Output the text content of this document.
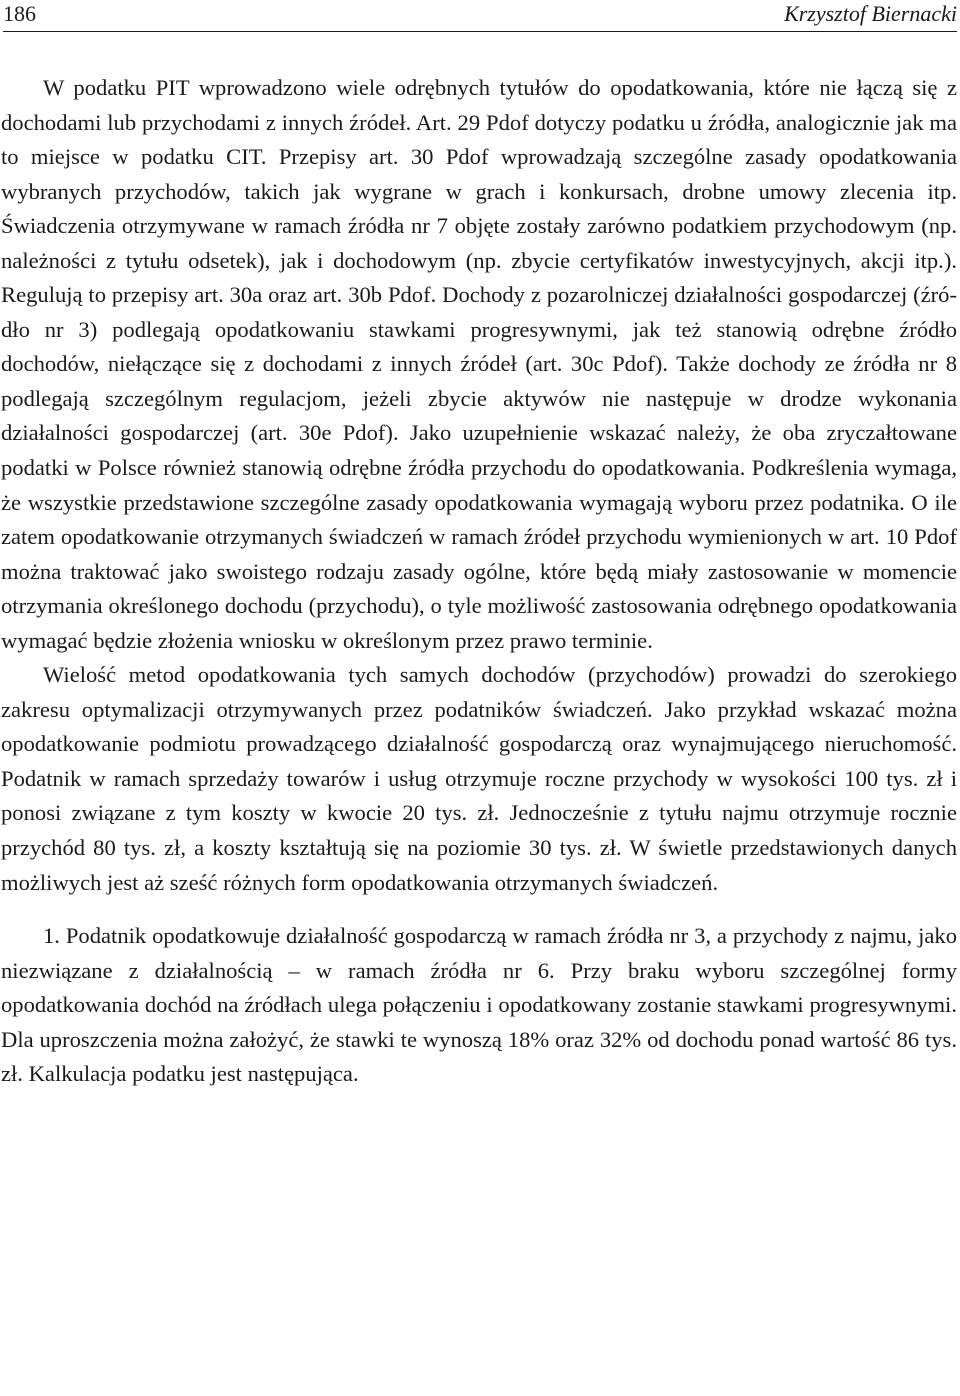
186	Krzysztof Biernacki

W podatku PIT wprowadzono wiele odrębnych tytułów do opodatkowania, które nie łączą się z dochodami lub przychodami z innych źródeł. Art. 29 Pdof dotyczy podatku u źródła, analogicznie jak ma to miejsce w podatku CIT. Przepisy art. 30 Pdof wprowadzają szczególne zasady opodatkowania wybranych przychodów, takich jak wygrane w grach i konkursach, drobne umowy zlecenia itp. Świadczenia otrzymywane w ramach źródła nr 7 objęte zostały zarówno podatkiem przychodowym (np. należności z tytułu odsetek), jak i dochodowym (np. zbycie certyfikatów inwestycyjnych, akcji itp.). Regulują to przepisy art. 30a oraz art. 30b Pdof. Dochody z pozarolniczej działalności gospodarczej (źródło nr 3) podlegają opodatkowaniu stawkami progresywnymi, jak też stanowią odrębne źródło dochodów, niełączące się z dochodami z innych źródeł (art. 30c Pdof). Także dochody ze źródła nr 8 podlegają szczególnym regulacjom, jeżeli zbycie aktywów nie następuje w drodze wykonania działalności gospodarczej (art. 30e Pdof). Jako uzupełnienie wskazać należy, że oba zryczałtowane podatki w Polsce również stanowią odrębne źródła przychodu do opodatkowania. Podkreślenia wymaga, że wszystkie przedstawione szczególne zasady opodatkowania wymagają wyboru przez podatnika. O ile zatem opodatkowanie otrzymanych świadczeń w ramach źródeł przychodu wymienionych w art. 10 Pdof można traktować jako swoistego rodzaju zasady ogólne, które będą miały zastosowanie w momencie otrzymania określonego dochodu (przychodu), o tyle możliwość zastosowania odrębnego opodatkowania wymagać będzie złożenia wniosku w określonym przez prawo terminie.

Wielość metod opodatkowania tych samych dochodów (przychodów) prowadzi do szerokiego zakresu optymalizacji otrzymywanych przez podatników świadczeń. Jako przykład wskazać można opodatkowanie podmiotu prowadzącego działalność gospodarczą oraz wynajmującego nieruchomość. Podatnik w ramach sprzedaży towarów i usług otrzymuje roczne przychody w wysokości 100 tys. zł i ponosi związane z tym koszty w kwocie 20 tys. zł. Jednocześnie z tytułu najmu otrzymuje rocznie przychód 80 tys. zł, a koszty kształtują się na poziomie 30 tys. zł. W świetle przedstawionych danych możliwych jest aż sześć różnych form opodatkowania otrzymanych świadczeń.

1. Podatnik opodatkowuje działalność gospodarczą w ramach źródła nr 3, a przychody z najmu, jako niezwiązane z działalnością – w ramach źródła nr 6. Przy braku wyboru szczególnej formy opodatkowania dochód na źródłach ulega połączeniu i opodatkowany zostanie stawkami progresywnymi. Dla uproszczenia można założyć, że stawki te wynoszą 18% oraz 32% od dochodu ponad wartość 86 tys. zł. Kalkulacja podatku jest następująca.
